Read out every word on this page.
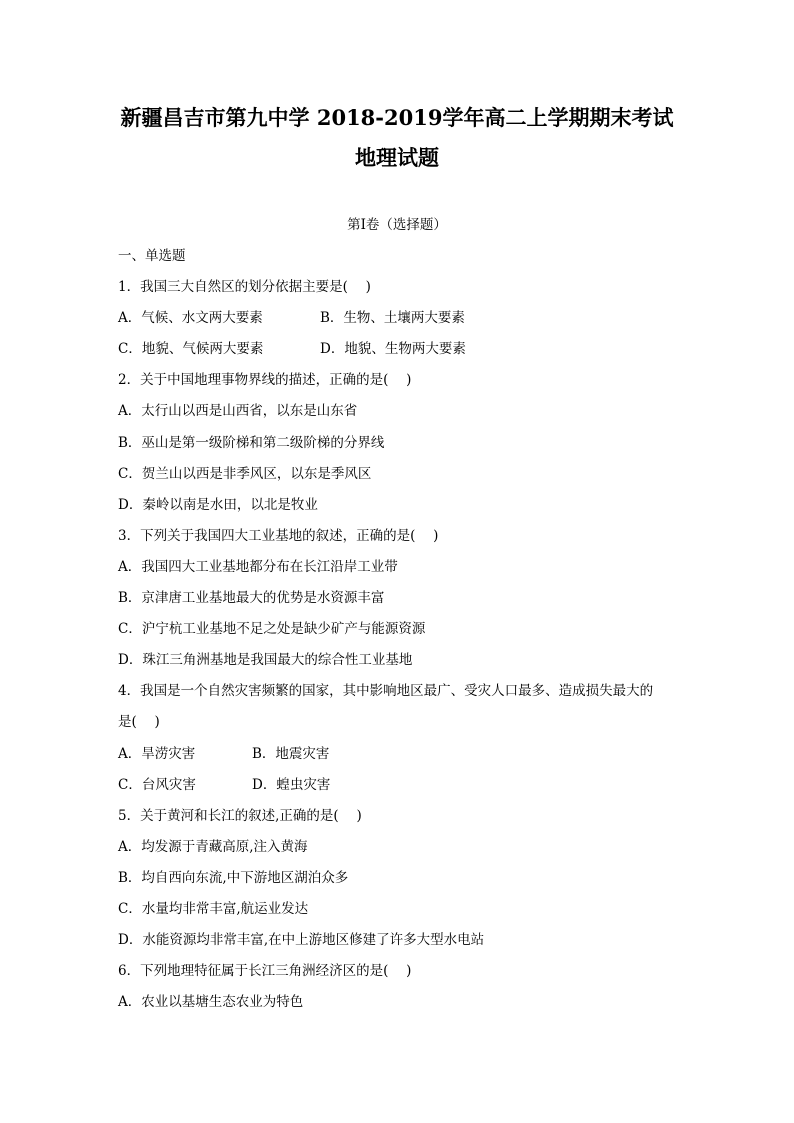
新疆昌吉市第九中学 2018-2019学年高二上学期期末考试
地理试题
第I卷（选择题）
一、单选题
1．我国三大自然区的划分依据主要是(　 )
A．气候、水文两大要素	B．生物、土壤两大要素
C．地貌、气候两大要素	D．地貌、生物两大要素
2．关于中国地理事物界线的描述，正确的是(　 )
A．太行山以西是山西省，以东是山东省
B．巫山是第一级阶梯和第二级阶梯的分界线
C．贺兰山以西是非季风区，以东是季风区
D．秦岭以南是水田，以北是牧业
3．下列关于我国四大工业基地的叙述，正确的是(　 )
A．我国四大工业基地都分布在长江沿岸工业带
B．京津唐工业基地最大的优势是水资源丰富
C．沪宁杭工业基地不足之处是缺少矿产与能源资源
D．珠江三角洲基地是我国最大的综合性工业基地
4．我国是一个自然灾害频繁的国家，其中影响地区最广、受灾人口最多、造成损失最大的
是(　 )
A．旱涝灾害	B．地震灾害
C．台风灾害	D．蝗虫灾害
5．关于黄河和长江的叙述,正确的是(　 )
A．均发源于青藏高原,注入黄海
B．均自西向东流,中下游地区湖泊众多
C．水量均非常丰富,航运业发达
D．水能资源均非常丰富,在中上游地区修建了许多大型水电站
6．下列地理特征属于长江三角洲经济区的是(　 )
A．农业以基塘生态农业为特色
